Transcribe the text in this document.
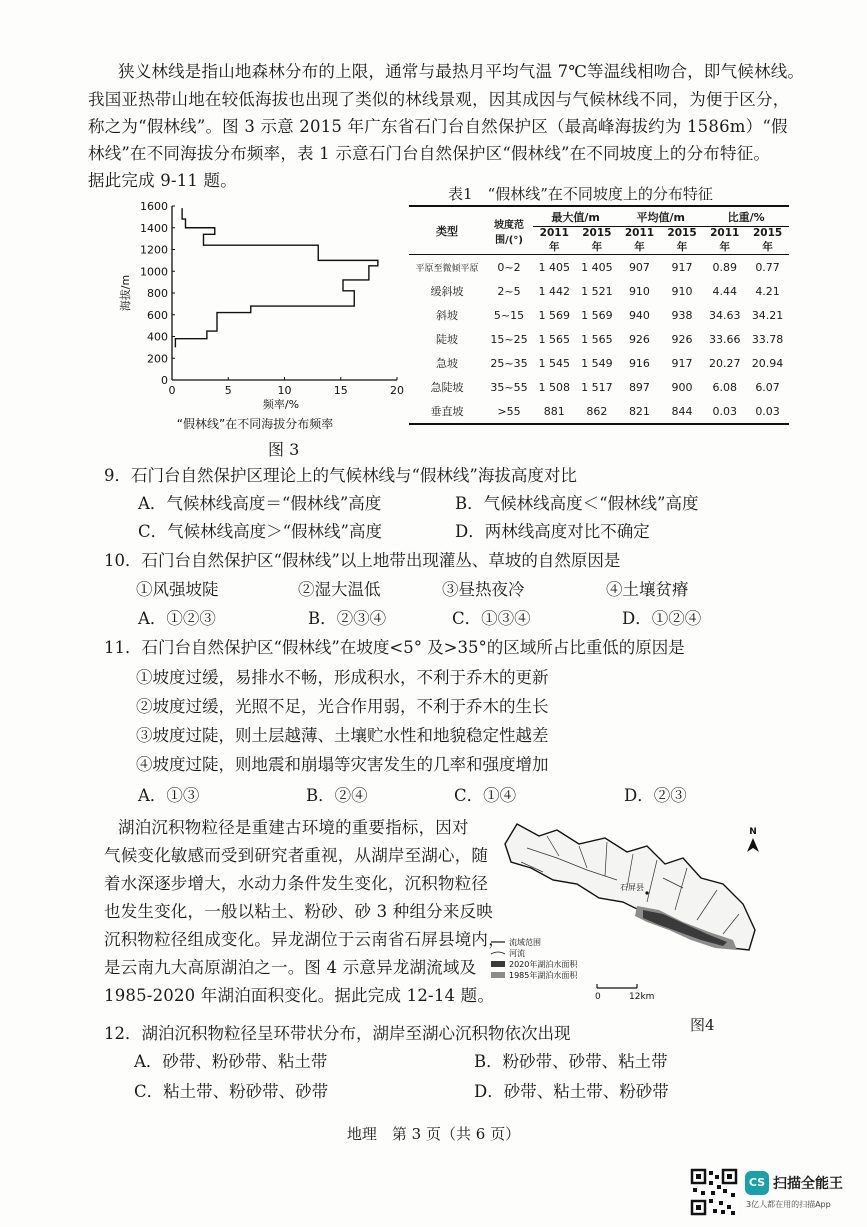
狭义林线是指山地森林分布的上限，通常与最热月平均气温 7℃等温线相吻合，即气候林线。
我国亚热带山地在较低海拔也出现了类似的林线景观，因其成因与气候林线不同，为便于区分，
称之为“假林线”。图 3 示意 2015 年广东省石门台自然保护区（最高峰海拔约为 1586m）“假
林线”在不同海拔分布频率，表 1 示意石门台自然保护区“假林线”在不同坡度上的分布特征。
据此完成 9-11 题。
0
200
400
600
800
1000
1200
1400
1600
0	5	10	15	20
海拔/m
频率/%
“假林线”在不同海拔分布频率
图 3
表1　“假林线”在不同坡度上的分布特征
类型	坡度范围/(°)	最大值/m		平均值/m		比重/%	
		2011年	2015年	2011年	2015年	2011年	2015年
平原至微倾平原	0~2	1 405	1 405	907	917	0.89	0.77
缓斜坡	2~5	1 442	1 521	910	910	4.44	4.21
斜坡	5~15	1 569	1 569	940	938	34.63	34.21
陡坡	15~25	1 565	1 565	926	926	33.66	33.78
急坡	25~35	1 545	1 549	916	917	20.27	20.94
急陡坡	35~55	1 508	1 517	897	900	6.08	6.07
垂直坡	>55	881	862	821	844	0.03	0.03
9．石门台自然保护区理论上的气候林线与“假林线”海拔高度对比
A．气候林线高度＝“假林线”高度	B．气候林线高度＜“假林线”高度
C．气候林线高度＞“假林线”高度	D．两林线高度对比不确定
10．石门台自然保护区“假林线”以上地带出现灌丛、草坡的自然原因是
①风强坡陡	②湿大温低	③昼热夜冷	④土壤贫瘠
A．①②③	B．②③④	C．①③④	D．①②④
11．石门台自然保护区“假林线”在坡度<5° 及>35°的区域所占比重低的原因是
①坡度过缓，易排水不畅，形成积水，不利于乔木的更新
②坡度过缓，光照不足，光合作用弱，不利于乔木的生长
③坡度过陡，则土层越薄、土壤贮水性和地貌稳定性越差
④坡度过陡，则地震和崩塌等灾害发生的几率和强度增加
A．①③	B．②④	C．①④	D．②③
湖泊沉积物粒径是重建古环境的重要指标，因对
气候变化敏感而受到研究者重视，从湖岸至湖心，随
着水深逐步增大，水动力条件发生变化，沉积物粒径
也发生变化，一般以粘土、粉砂、砂 3 种组分来反映
沉积物粒径组成变化。异龙湖位于云南省石屏县境内，
是云南九大高原湖泊之一。图 4 示意异龙湖流域及
1985-2020 年湖泊面积变化。据此完成 12-14 题。
石屏县
N
流域范围
河流
2020年湖泊水面积
1985年湖泊水面积
0	12km
图4
12．湖泊沉积物粒径呈环带状分布，湖岸至湖心沉积物依次出现
A．砂带、粉砂带、粘土带	B．粉砂带、砂带、粘土带
C．粘土带、粉砂带、砂带	D．砂带、粘土带、粉砂带
地理　第 3 页（共 6 页）
CS 扫描全能王
3亿人都在用的扫描App
